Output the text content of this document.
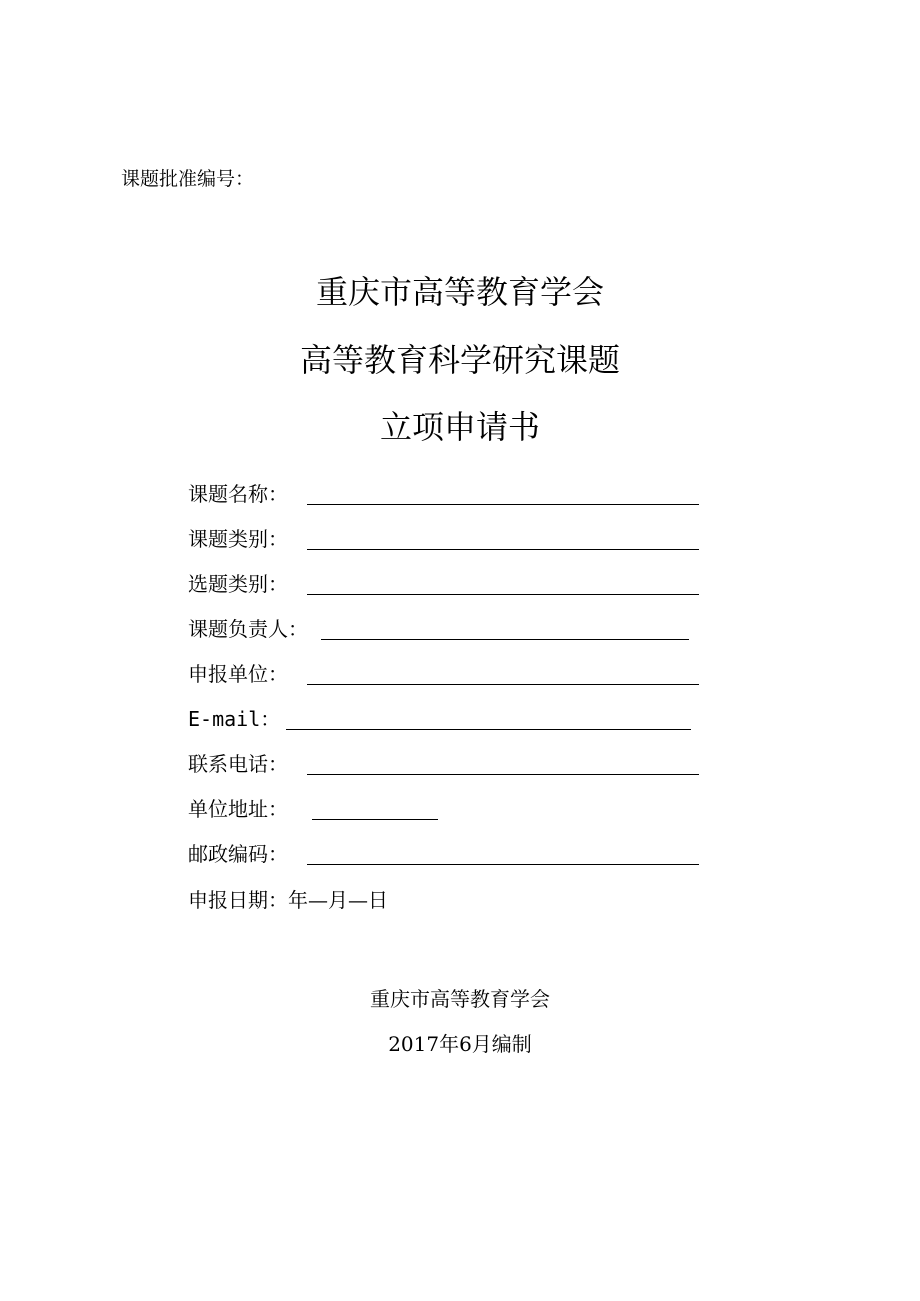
课题批准编号：
重庆市高等教育学会
高等教育科学研究课题
立项申请书
课题名称：
课题类别：
选题类别：
课题负责人：
申报单位：
E-mail：
联系电话：
单位地址：
邮政编码：
申报日期：年—月—日
重庆市高等教育学会
2017年6月编制
